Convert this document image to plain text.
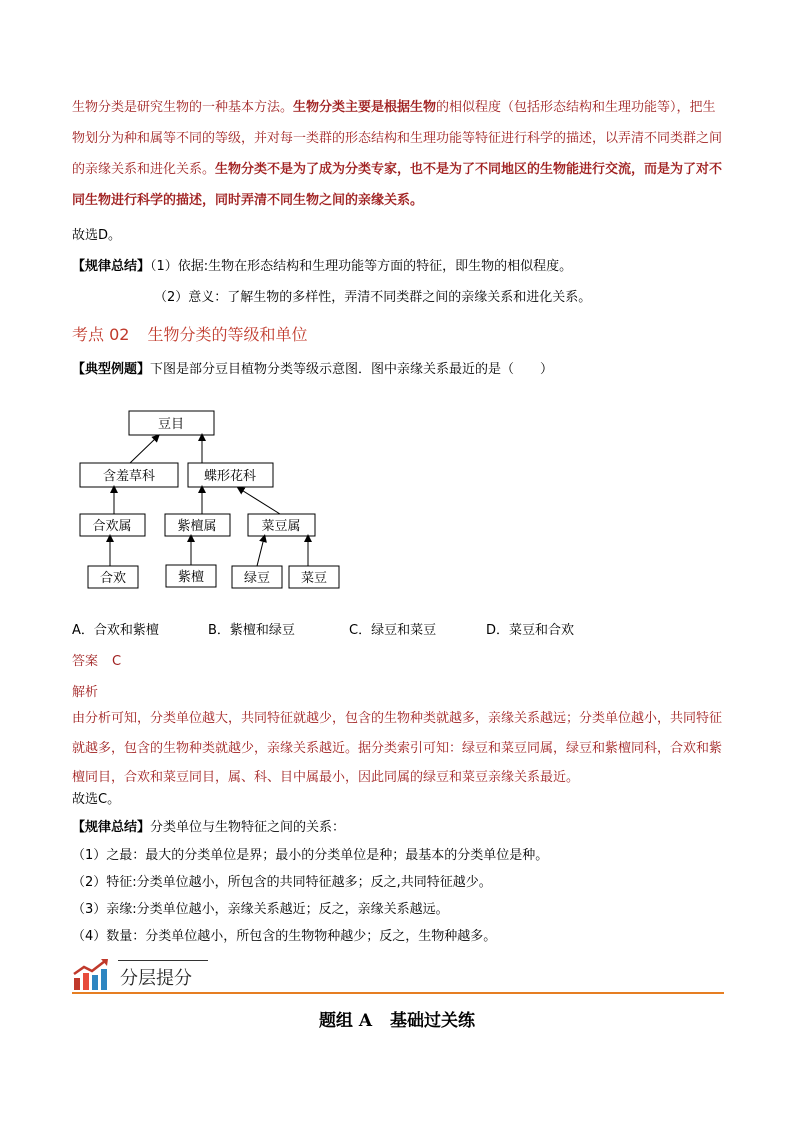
生物分类是研究生物的一种基本方法。生物分类主要是根据生物的相似程度（包括形态结构和生理功能等），把生物划分为种和属等不同的等级，并对每一类群的形态结构和生理功能等特征进行科学的描述，以弄清不同类群之间的亲缘关系和进化关系。生物分类不是为了成为分类专家，也不是为了不同地区的生物能进行交流，而是为了对不同生物进行科学的描述，同时弄清不同生物之间的亲缘关系。

故选D。
【规律总结】（1）依据:生物在形态结构和生理功能等方面的特征，即生物的相似程度。
（2）意义：了解生物的多样性，弄清不同类群之间的亲缘关系和进化关系。
考点 02 生物分类的等级和单位
【典型例题】下图是部分豆目植物分类等级示意图．图中亲缘关系最近的是（　　）
豆目
含羞草科	蝶形花科
合欢属	紫檀属	菜豆属
合欢	紫檀	绿豆 菜豆
A．合欢和紫檀	B．紫檀和绿豆	C．绿豆和菜豆	D．菜豆和合欢
答案 C
解析

由分析可知，分类单位越大，共同特征就越少，包含的生物种类就越多，亲缘关系越远；分类单位越小，共同特征就越多，包含的生物种类就越少，亲缘关系越近。据分类索引可知：绿豆和菜豆同属，绿豆和紫檀同科，合欢和紫檀同目，合欢和菜豆同目，属、科、目中属最小，因此同属的绿豆和菜豆亲缘关系最近。

故选C。
【规律总结】分类单位与生物特征之间的关系：
（1）之最：最大的分类单位是界；最小的分类单位是种；最基本的分类单位是种。
（2）特征:分类单位越小，所包含的共同特征越多；反之,共同特征越少。
（3）亲缘:分类单位越小，亲缘关系越近；反之，亲缘关系越远。
（4）数量：分类单位越小，所包含的生物物种越少；反之，生物种越多。
分层提分
题组 A 基础过关练
